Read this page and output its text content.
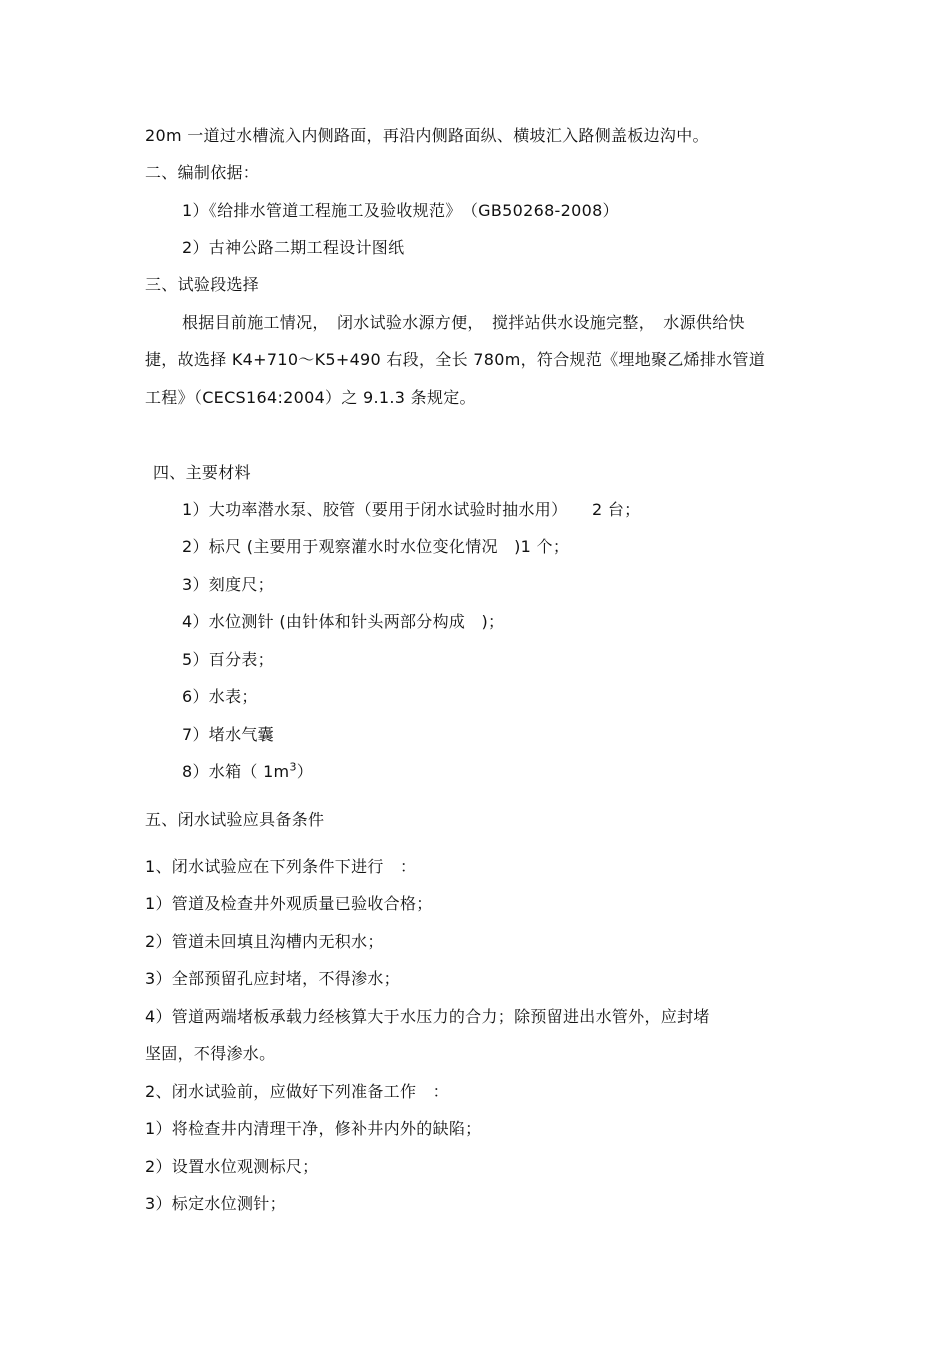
20m 一道过水槽流入内侧路面，再沿内侧路面纵、横坡汇入路侧盖板边沟中。
二、编制依据：
1）《给排水管道工程施工及验收规范》　（GB50268-2008）
2）古神公路二期工程设计图纸
三、试验段选择
根据目前施工情况，　闭水试验水源方便，　搅拌站供水设施完整，　水源供给快
捷，故选择 K4+710～K5+490 右段，全长 780m，符合规范《埋地聚乙烯排水管道
工程》（CECS164:2004）之 9.1.3 条规定。
四、主要材料
1）大功率潜水泵、胶管（要用于闭水试验时抽水用）　　2 台；
2）标尺 (主要用于观察灌水时水位变化情况　)1 个；
3）刻度尺；
4）水位测针 (由针体和针头两部分构成　)；
5）百分表；
6）水表；
7）堵水气囊
8）水箱（ $1m^3$）
五、闭水试验应具备条件
1、闭水试验应在下列条件下进行　：
1）管道及检查井外观质量已验收合格；
2）管道未回填且沟槽内无积水；
3）全部预留孔应封堵，不得渗水；
4）管道两端堵板承载力经核算大于水压力的合力；除预留进出水管外，应封堵
坚固，不得渗水。
2、闭水试验前，应做好下列准备工作　：
1）将检查井内清理干净，修补井内外的缺陷；
2）设置水位观测标尺；
3）标定水位测针；
